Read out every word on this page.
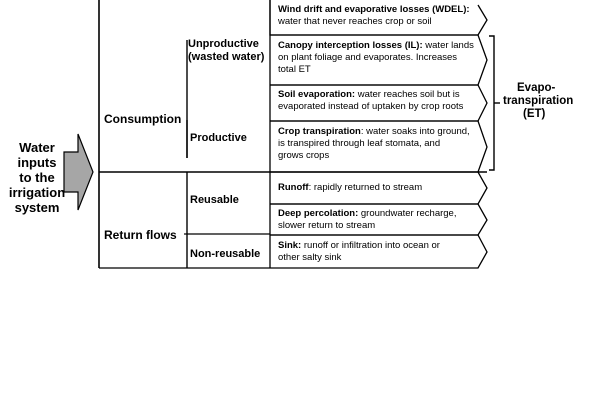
Water
inputs
to the
irrigation
system
Consumption
Return flows
Unproductive
(wasted water)
Productive
Reusable
Non-reusable
Wind drift and evaporative losses (WDEL):
water that never reaches crop or soil
Canopy interception losses (IL): water lands
on plant foliage and evaporates. Increases
total ET
Soil evaporation: water reaches soil but is
evaporated instead of uptaken by crop roots
Crop transpiration: water soaks into ground,
is transpired through leaf stomata, and
grows crops
Runoff: rapidly returned to stream
Deep percolation: groundwater recharge,
slower return to stream
Sink: runoff or infiltration into ocean or
other salty sink
Evapo-
transpiration
(ET)
